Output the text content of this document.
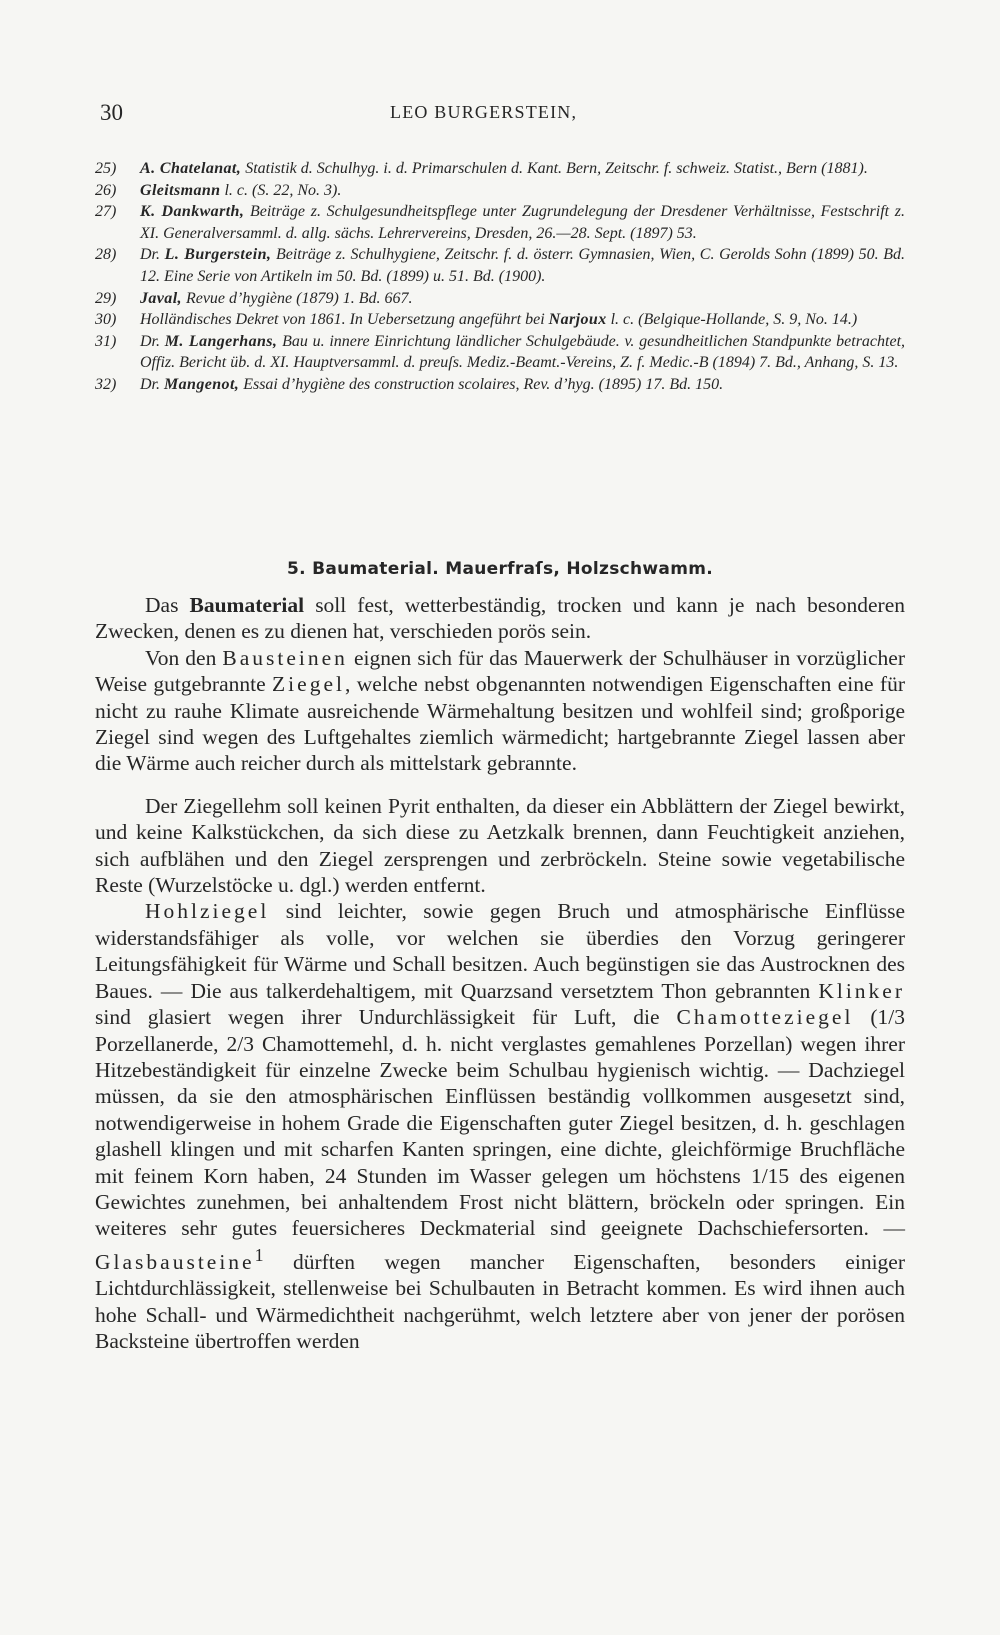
30	LEO BURGERSTEIN,

25) A. Chatelanat, Statistik d. Schulhyg. i. d. Primarschulen d. Kant. Bern, Zeitschr. f. schweiz. Statist., Bern (1881).

26) Gleitsmann l. c. (S. 22, No. 3).

27) K. Dankwarth, Beiträge z. Schulgesundheitspflege unter Zugrundelegung der Dresdener Verhältnisse, Festschrift z. XI. Generalversamml. d. allg. sächs. Lehrervereins, Dresden, 26.—28. Sept. (1897) 53.

28) Dr. L. Burgerstein, Beiträge z. Schulhygiene, Zeitschr. f. d. österr. Gymnasien, Wien, C. Gerolds Sohn (1899) 50. Bd. 12. Eine Serie von Artikeln im 50. Bd. (1899) u. 51. Bd. (1900).

29) Javal, Revue d’hygiène (1879) 1. Bd. 667.

30) Holländisches Dekret von 1861. In Uebersetzung angeführt bei Narjoux l. c. (Belgique-Hollande, S. 9, No. 14.)

31) Dr. M. Langerhans, Bau u. innere Einrichtung ländlicher Schulgebäude. v. gesundheitlichen Standpunkte betrachtet, Offiz. Bericht üb. d. XI. Hauptversamml. d. preuſs. Mediz.-Beamt.-Vereins, Z. f. Medic.-B (1894) 7. Bd., Anhang, S. 13.

32) Dr. Mangenot, Essai d’hygiène des construction scolaires, Rev. d’hyg. (1895) 17. Bd. 150.

5. Baumaterial. Mauerfraſs, Holzschwamm.

Das Baumaterial soll fest, wetterbeständig, trocken und kann je nach besonderen Zwecken, denen es zu dienen hat, verschieden porös sein.

Von den Bausteinen eignen sich für das Mauerwerk der Schulhäuser in vorzüglicher Weise gutgebrannte Ziegel, welche nebst obgenannten notwendigen Eigenschaften eine für nicht zu rauhe Klimate ausreichende Wärmehaltung besitzen und wohlfeil sind; großporige Ziegel sind wegen des Luftgehaltes ziemlich wärmedicht; hartgebrannte Ziegel lassen aber die Wärme auch reicher durch als mittelstark gebrannte.

Der Ziegellehm soll keinen Pyrit enthalten, da dieser ein Abblättern der Ziegel bewirkt, und keine Kalkstückchen, da sich diese zu Aetzkalk brennen, dann Feuchtigkeit anziehen, sich aufblähen und den Ziegel zersprengen und zerbröckeln. Steine sowie vegetabilische Reste (Wurzelstöcke u. dgl.) werden entfernt.

Hohlziegel sind leichter, sowie gegen Bruch und atmosphärische Einflüsse widerstandsfähiger als volle, vor welchen sie überdies den Vorzug geringerer Leitungsfähigkeit für Wärme und Schall besitzen. Auch begünstigen sie das Austrocknen des Baues. — Die aus talkerdehaltigem, mit Quarzsand versetztem Thon gebrannten Klinker sind glasiert wegen ihrer Undurchlässigkeit für Luft, die Chamotteziegel (1/3 Porzellanerde, 2/3 Chamottemehl, d. h. nicht verglastes gemahlenes Porzellan) wegen ihrer Hitzebeständigkeit für einzelne Zwecke beim Schulbau hygienisch wichtig. — Dachziegel müssen, da sie den atmosphärischen Einflüssen beständig vollkommen ausgesetzt sind, notwendigerweise in hohem Grade die Eigenschaften guter Ziegel besitzen, d. h. geschlagen glashell klingen und mit scharfen Kanten springen, eine dichte, gleichförmige Bruchfläche mit feinem Korn haben, 24 Stunden im Wasser gelegen um höchstens 1/15 des eigenen Gewichtes zunehmen, bei anhaltendem Frost nicht blättern, bröckeln oder springen. Ein weiteres sehr gutes feuersicheres Deckmaterial sind geeignete Dachschiefersorten. — Glasbausteine$^1$ dürften wegen mancher Eigenschaften, besonders einiger Lichtdurchlässigkeit, stellenweise bei Schulbauten in Betracht kommen. Es wird ihnen auch hohe Schall- und Wärmedichtheit nachgerühmt, welch letztere aber von jener der porösen Backsteine übertroffen werden
